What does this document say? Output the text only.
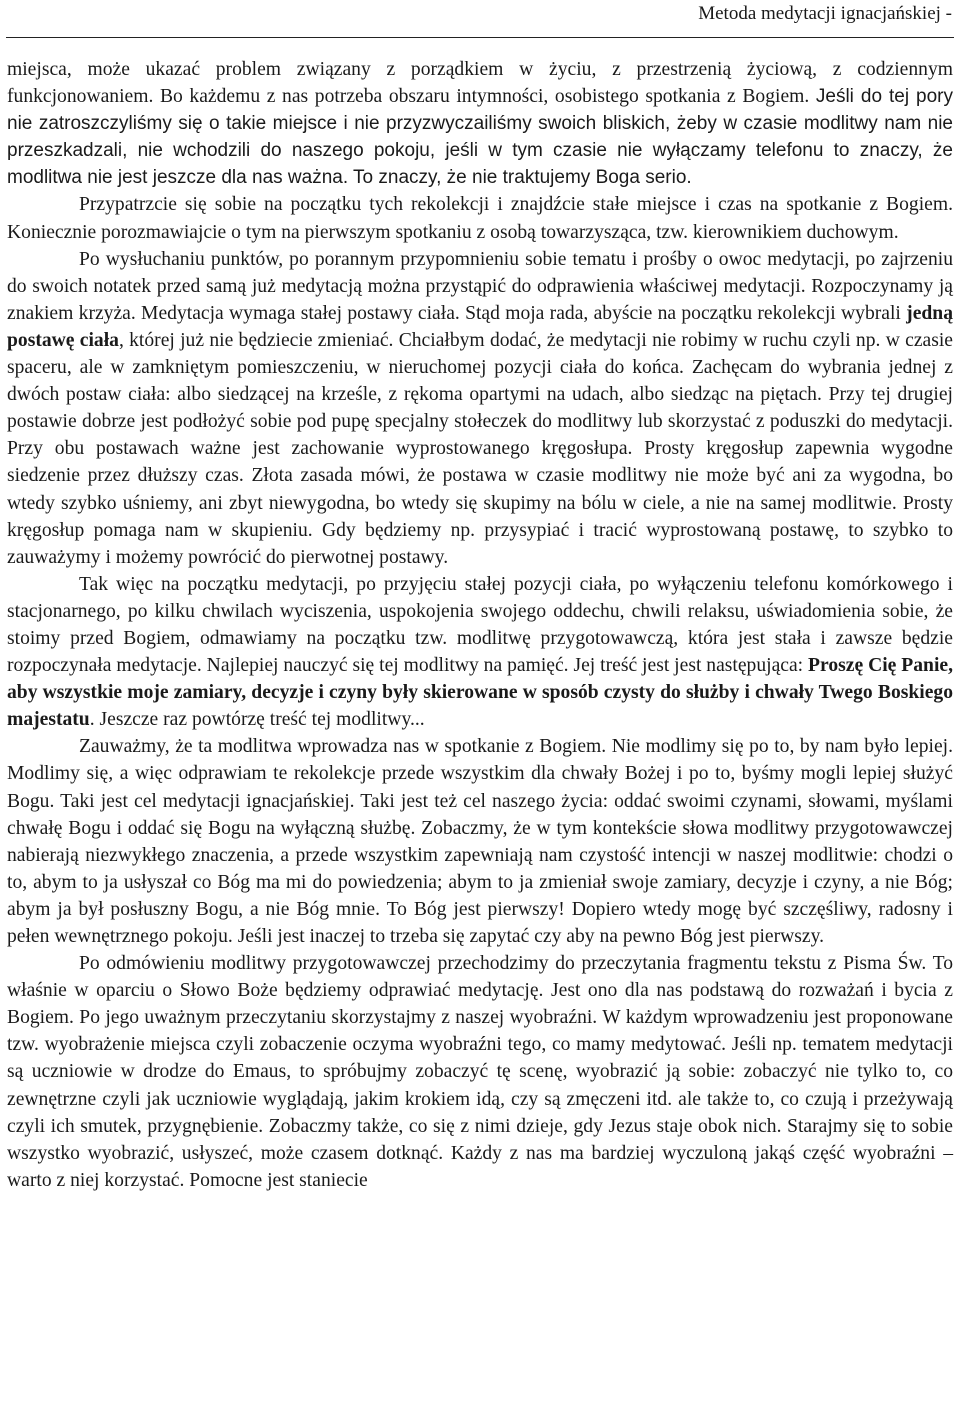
Metoda medytacji ignacjańskiej -

miejsca, może ukazać problem związany z porządkiem w życiu, z przestrzenią życiową, z codziennym funkcjonowaniem. Bo każdemu z nas potrzeba obszaru intymności, osobistego spotkania z Bogiem. Jeśli do tej pory nie zatroszczyliśmy się o takie miejsce i nie przyzwyczailiśmy swoich bliskich, żeby w czasie modlitwy nam nie przeszkadzali, nie wchodzili do naszego pokoju, jeśli w tym czasie nie wyłączamy telefonu to znaczy, że modlitwa nie jest jeszcze dla nas ważna. To znaczy, że nie traktujemy Boga serio.

Przypatrzcie się sobie na początku tych rekolekcji i znajdźcie stałe miejsce i czas na spotkanie z Bogiem. Koniecznie porozmawiajcie o tym na pierwszym spotkaniu z osobą towarzysząca, tzw. kierownikiem duchowym.

Po wysłuchaniu punktów, po porannym przypomnieniu sobie tematu i prośby o owoc medytacji, po zajrzeniu do swoich notatek przed samą już medytacją można przystąpić do odprawienia właściwej medytacji. Rozpoczynamy ją znakiem krzyża. Medytacja wymaga stałej postawy ciała. Stąd moja rada, abyście na początku rekolekcji wybrali jedną postawę ciała, której już nie będziecie zmieniać. Chciałbym dodać, że medytacji nie robimy w ruchu czyli np. w czasie spaceru, ale w zamkniętym pomieszczeniu, w nieruchomej pozycji ciała do końca. Zachęcam do wybrania jednej z dwóch postaw ciała: albo siedzącej na krześle, z rękoma opartymi na udach, albo siedząc na piętach. Przy tej drugiej postawie dobrze jest podłożyć sobie pod pupę specjalny stołeczek do modlitwy lub skorzystać z poduszki do medytacji. Przy obu postawach ważne jest zachowanie wyprostowanego kręgosłupa. Prosty kręgosłup zapewnia wygodne siedzenie przez dłuższy czas. Złota zasada mówi, że postawa w czasie modlitwy nie może być ani za wygodna, bo wtedy szybko uśniemy, ani zbyt niewygodna, bo wtedy się skupimy na bólu w ciele, a nie na samej modlitwie. Prosty kręgosłup pomaga nam w skupieniu. Gdy będziemy np. przysypiać i tracić wyprostowaną postawę, to szybko to zauważymy i możemy powrócić do pierwotnej postawy.

Tak więc na początku medytacji, po przyjęciu stałej pozycji ciała, po wyłączeniu telefonu komórkowego i stacjonarnego, po kilku chwilach wyciszenia, uspokojenia swojego oddechu, chwili relaksu, uświadomienia sobie, że stoimy przed Bogiem, odmawiamy na początku tzw. modlitwę przygotowawczą, która jest stała i zawsze będzie rozpoczynała medytacje. Najlepiej nauczyć się tej modlitwy na pamięć. Jej treść jest jest następująca: Proszę Cię Panie, aby wszystkie moje zamiary, decyzje i czyny były skierowane w sposób czysty do służby i chwały Twego Boskiego majestatu. Jeszcze raz powtórzę treść tej modlitwy...

Zauważmy, że ta modlitwa wprowadza nas w spotkanie z Bogiem. Nie modlimy się po to, by nam było lepiej. Modlimy się, a więc odprawiam te rekolekcje przede wszystkim dla chwały Bożej i po to, byśmy mogli lepiej służyć Bogu. Taki jest cel medytacji ignacjańskiej. Taki jest też cel naszego życia: oddać swoimi czynami, słowami, myślami chwałę Bogu i oddać się Bogu na wyłączną służbę. Zobaczmy, że w tym kontekście słowa modlitwy przygotowawczej nabierają niezwykłego znaczenia, a przede wszystkim zapewniają nam czystość intencji w naszej modlitwie: chodzi o to, abym to ja usłyszał co Bóg ma mi do powiedzenia; abym to ja zmieniał swoje zamiary, decyzje i czyny, a nie Bóg; abym ja był posłuszny Bogu, a nie Bóg mnie. To Bóg jest pierwszy! Dopiero wtedy mogę być szczęśliwy, radosny i pełen wewnętrznego pokoju. Jeśli jest inaczej to trzeba się zapytać czy aby na pewno Bóg jest pierwszy.

Po odmówieniu modlitwy przygotowawczej przechodzimy do przeczytania fragmentu tekstu z Pisma Św. To właśnie w oparciu o Słowo Boże będziemy odprawiać medytację. Jest ono dla nas podstawą do rozważań i bycia z Bogiem. Po jego uważnym przeczytaniu skorzystajmy z naszej wyobraźni. W każdym wprowadzeniu jest proponowane tzw. wyobrażenie miejsca czyli zobaczenie oczyma wyobraźni tego, co mamy medytować. Jeśli np. tematem medytacji są uczniowie w drodze do Emaus, to spróbujmy zobaczyć tę scenę, wyobrazić ją sobie: zobaczyć nie tylko to, co zewnętrzne czyli jak uczniowie wyglądają, jakim krokiem idą, czy są zmęczeni itd. ale także to, co czują i przeżywają czyli ich smutek, przygnębienie. Zobaczmy także, co się z nimi dzieje, gdy Jezus staje obok nich. Starajmy się to sobie wszystko wyobrazić, usłyszeć, może czasem dotknąć. Każdy z nas ma bardziej wyczuloną jakąś część wyobraźni – warto z niej korzystać. Pomocne jest staniecie
